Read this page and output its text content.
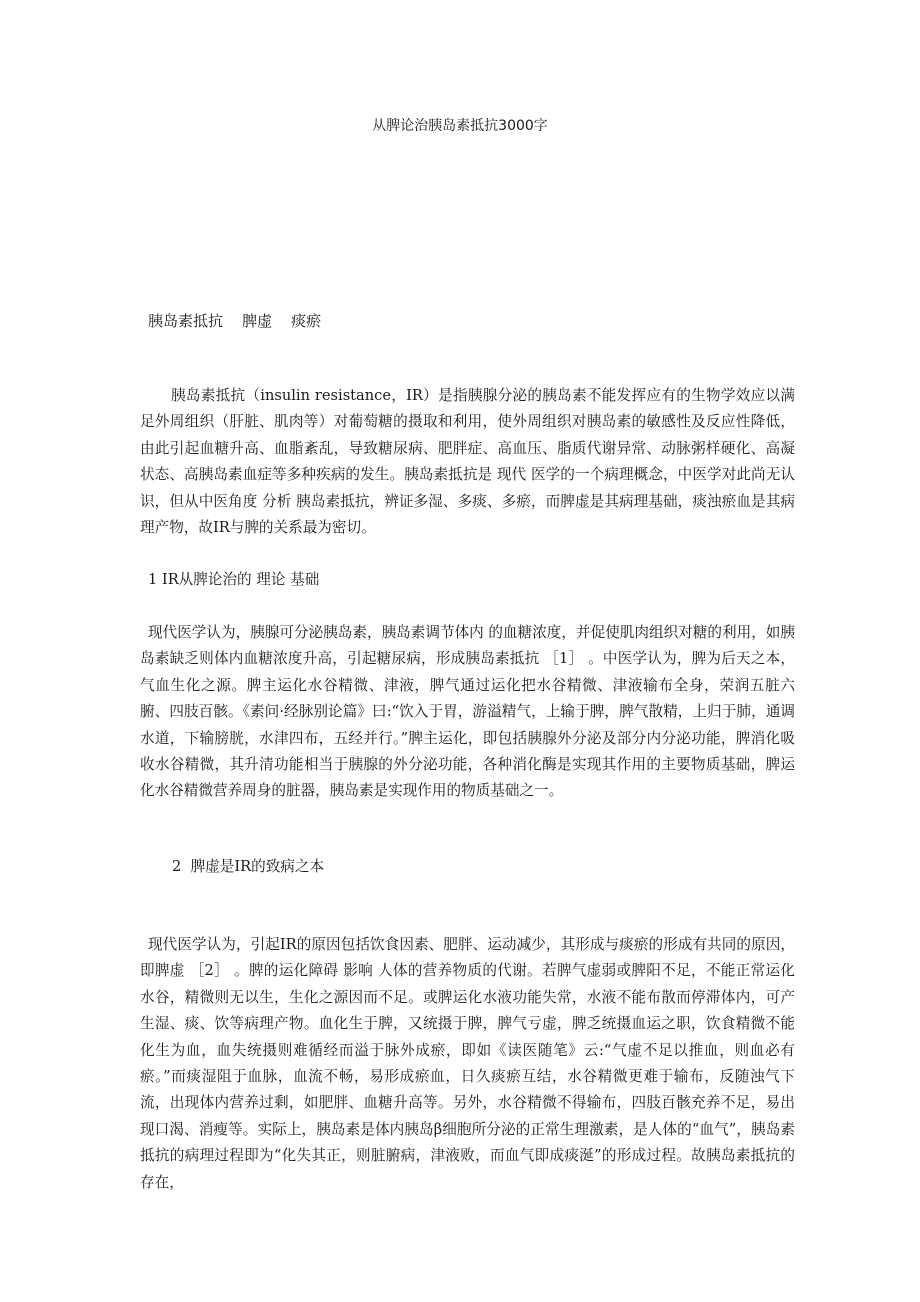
从脾论治胰岛素抵抗3000字
胰岛素抵抗    脾虚    痰瘀

胰岛素抵抗（insulin resistance，IR）是指胰腺分泌的胰岛素不能发挥应有的生物学效应以满足外周组织（肝脏、肌肉等）对葡萄糖的摄取和利用，使外周组织对胰岛素的敏感性及反应性降低，由此引起血糖升高、血脂紊乱，导致糖尿病、肥胖症、高血压、脂质代谢异常、动脉粥样硬化、高凝状态、高胰岛素血症等多种疾病的发生。胰岛素抵抗是 现代 医学的一个病理概念，中医学对此尚无认识，但从中医角度 分析 胰岛素抵抗，辨证多湿、多痰、多瘀，而脾虚是其病理基础，痰浊瘀血是其病理产物，故IR与脾的关系最为密切。

1 IR从脾论治的 理论 基础

现代医学认为，胰腺可分泌胰岛素，胰岛素调节体内 的血糖浓度，并促使肌肉组织对糖的利用，如胰岛素缺乏则体内血糖浓度升高，引起糖尿病，形成胰岛素抵抗 ［1］ 。中医学认为，脾为后天之本，气血生化之源。脾主运化水谷精微、津液，脾气通过运化把水谷精微、津液输布全身，荣润五脏六腑、四肢百骸。《素问·经脉别论篇》曰:“饮入于胃，游溢精气，上输于脾，脾气散精，上归于肺，通调水道，下输膀胱，水津四布，五经并行。”脾主运化，即包括胰腺外分泌及部分内分泌功能，脾消化吸收水谷精微，其升清功能相当于胰腺的外分泌功能，各种消化酶是实现其作用的主要物质基础，脾运化水谷精微营养周身的脏器，胰岛素是实现作用的物质基础之一。

2  脾虚是IR的致病之本

现代医学认为，引起IR的原因包括饮食因素、肥胖、运动减少，其形成与痰瘀的形成有共同的原因，即脾虚 ［2］ 。脾的运化障碍 影响 人体的营养物质的代谢。若脾气虚弱或脾阳不足，不能正常运化水谷，精微则无以生，生化之源因而不足。或脾运化水液功能失常，水液不能布散而停滞体内，可产生湿、痰、饮等病理产物。血化生于脾，又统摄于脾，脾气亏虚，脾乏统摄血运之职，饮食精微不能化生为血，血失统摄则难循经而溢于脉外成瘀，即如《读医随笔》云:“气虚不足以推血，则血必有瘀。”而痰湿阻于血脉，血流不畅，易形成瘀血，日久痰瘀互结，水谷精微更难于输布，反随浊气下流，出现体内营养过剩，如肥胖、血糖升高等。另外，水谷精微不得输布，四肢百骸充养不足，易出现口渴、消瘦等。实际上，胰岛素是体内胰岛β细胞所分泌的正常生理激素，是人体的“血气”，胰岛素抵抗的病理过程即为“化失其正，则脏腑病，津液败，而血气即成痰涎”的形成过程。故胰岛素抵抗的存在，
